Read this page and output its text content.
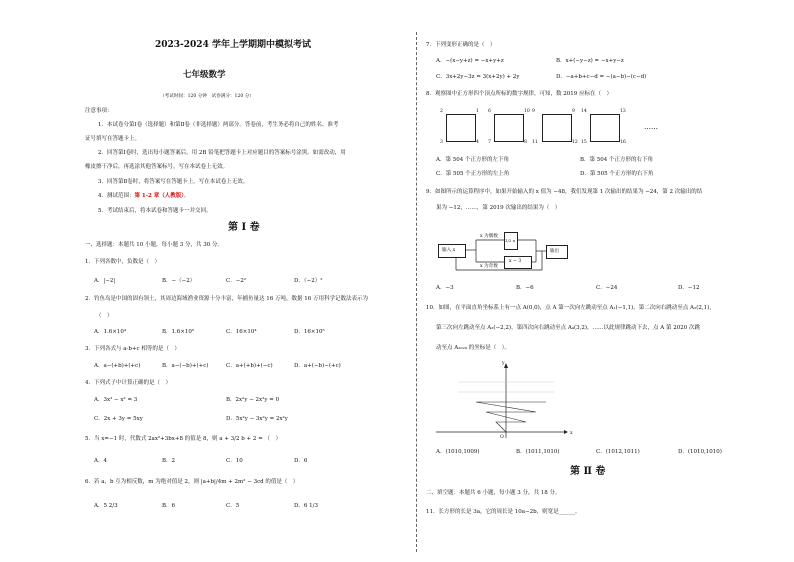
2023-2024 学年上学期期中模拟考试
七年级数学
（考试时间：120 分钟　试卷满分：120 分）
注意事项：
1．本试卷分第Ⅰ卷（选择题）和第Ⅱ卷（非选择题）两部分。答卷前，考生务必将自己的姓名、准考
证号填写在答题卡上。
2．回答第Ⅰ卷时，选出每小题答案后，用 2B 铅笔把答题卡上对应题目的答案标号涂黑。如需改动，用
橡皮擦干净后，再选涂其他答案标号。写在本试卷上无效。
3．回答第Ⅱ卷时，将答案写在答题卡上。写在本试卷上无效。
4．测试范围：第 1-2 章（人教版）。
5．考试结束后，将本试卷和答题卡一并交回。
第 Ⅰ 卷
一、选择题：本题共 10 小题，每小题 3 分，共 30 分。
1．下列各数中，负数是（　）
A．|−2|	B．−（−2）	C．−2²	D．（−2）²
2．钓鱼岛是中国的固有领土，其周边海域渔业资源十分丰富，年捕鱼量达 16 万吨，数据 16 万用科学记数法表示为
（　）
A．1.6×10⁴	B．1.6×10⁵	C．16×10⁴	D．16×10⁵
3．下列各式与 a-b+c 相等的是（　）
A．a−(+b)+(+c)	B．a−(−b)+(+c)	C．a+(+b)+(−c)	D．a+(−b)−(+c)
4．下列式子中计算正确的是（　）
A．3x² − x² = 3	B．2x²y − 2x²y = 0
C．2x + 3y = 5xy	D．5x²y − 3x²y = 2x²y
5．当 x=−1 时，代数式 2ax²+3bx+8 的值是 8，则 a + 3/2 b + 2 = （　）
A．4	B．2	C．10	D．6
6．若 a，b 互为相反数，m 为绝对值是 2，则 |a+b|/4m + 2m² − 3cd 的值是（　）
A．5 2/3	B．6	C．5	D．6 1/3
7．下列变形正确的是（　）
A．−(x−y+z) = −x+y+z	B．x+(−y−z) = −x+y−z
C．3x+2y−3z = 3(x+2y) + 2y	D．−a+b+c−d = −(a−b)−(c−d)
8．观察图中正方形四个顶点所标的数字规律，可知，数 2019 应标在（　）
2	1
3	4
6	10
7	8
9	9
11	12
14	13
15	16
……
A．第 504 个正方形的左下角	B．第 504 个正方形的右下角
C．第 505 个正方形的左上角	D．第 505 个正方形的右下角
9．如图所示的运算程序中，如果开始输入的 x 值为 −48，我们发现第 1 次输出的结果为 −24，第 2 次输出的结
果为 −12，……，第 2019 次输出的结果为（　）
输入 x
x 为偶数
1/2 x
x 为奇数
x − 3
输出
A．−3	B．−6	C．−24	D．−12
10．如图，在平面直角坐标系上有一点 A(0,0)，点 A 第一次向左跳动至点 A₁(−1,1)，第二次向右跳动至点 A₂(2,1)，
第三次向左跳动至点 A₃(−2,2)，第四次向右跳动至点 A₄(3,2)，……以此规律跳动下去，点 A 第 2020 次跳
动至点 A₂₀₂₀ 的坐标是（　）。
x
y
O
A．(1010,1009)	B．(1011,1010)	C．(1012,1011)	D．(1010,1010)
第 Ⅱ 卷
二、填空题：本题共 6 小题，每小题 3 分，共 18 分。
11．长方形的长是 3a，它的周长是 10a−2b，则宽是______。
